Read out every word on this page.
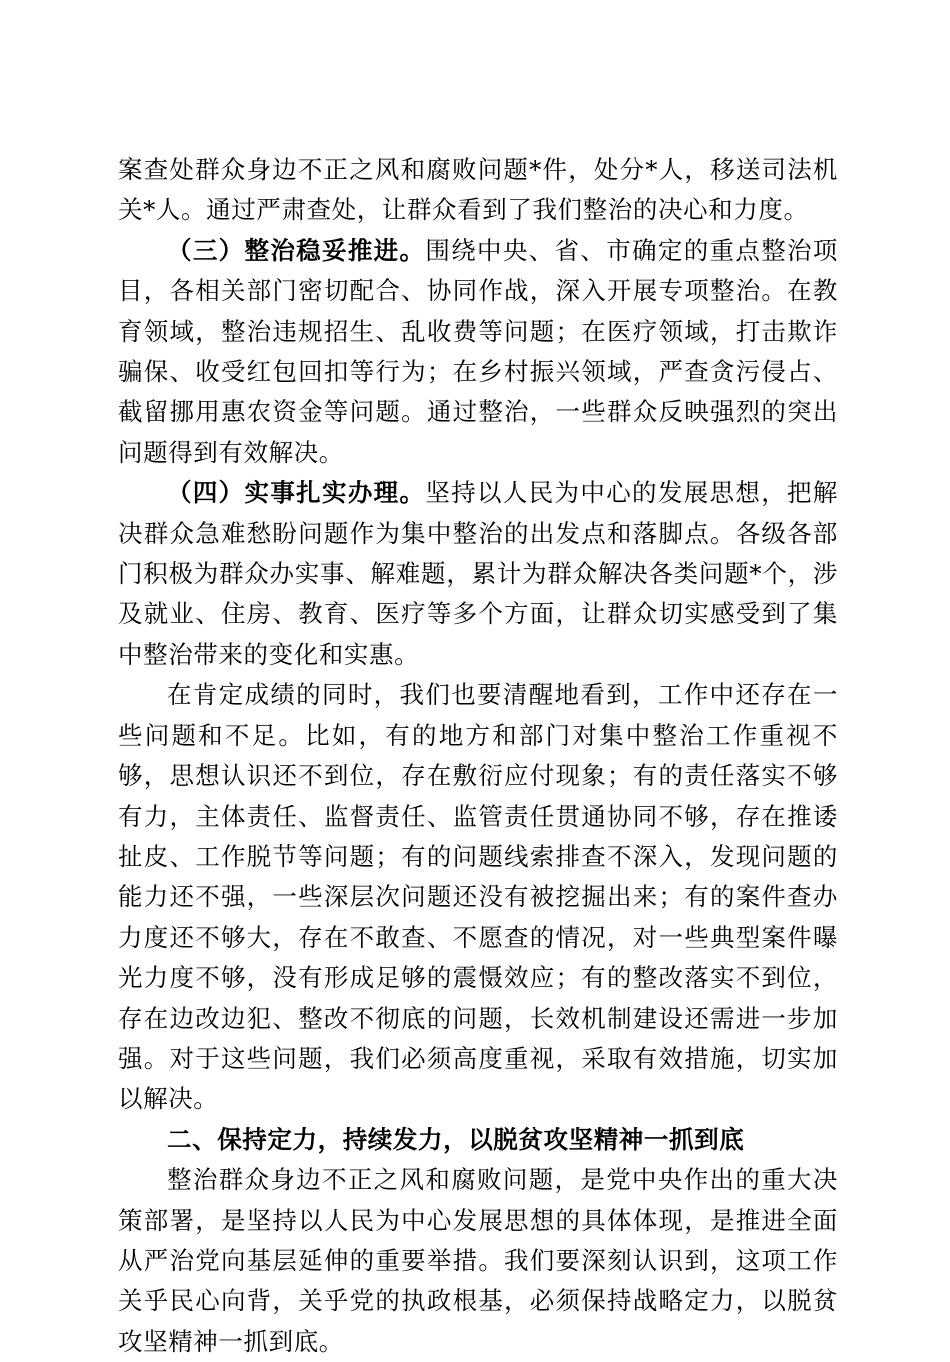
案查处群众身边不正之风和腐败问题*件，处分*人，移送司法机关*人。通过严肃查处，让群众看到了我们整治的决心和力度。

（三）整治稳妥推进。围绕中央、省、市确定的重点整治项目，各相关部门密切配合、协同作战，深入开展专项整治。在教育领域，整治违规招生、乱收费等问题；在医疗领域，打击欺诈骗保、收受红包回扣等行为；在乡村振兴领域，严查贪污侵占、截留挪用惠农资金等问题。通过整治，一些群众反映强烈的突出问题得到有效解决。

（四）实事扎实办理。坚持以人民为中心的发展思想，把解决群众急难愁盼问题作为集中整治的出发点和落脚点。各级各部门积极为群众办实事、解难题，累计为群众解决各类问题*个，涉及就业、住房、教育、医疗等多个方面，让群众切实感受到了集中整治带来的变化和实惠。

在肯定成绩的同时，我们也要清醒地看到，工作中还存在一些问题和不足。比如，有的地方和部门对集中整治工作重视不够，思想认识还不到位，存在敷衍应付现象；有的责任落实不够有力，主体责任、监督责任、监管责任贯通协同不够，存在推诿扯皮、工作脱节等问题；有的问题线索排查不深入，发现问题的能力还不强，一些深层次问题还没有被挖掘出来；有的案件查办力度还不够大，存在不敢查、不愿查的情况，对一些典型案件曝光力度不够，没有形成足够的震慑效应；有的整改落实不到位，存在边改边犯、整改不彻底的问题，长效机制建设还需进一步加强。对于这些问题，我们必须高度重视，采取有效措施，切实加以解决。

二、保持定力，持续发力，以脱贫攻坚精神一抓到底

整治群众身边不正之风和腐败问题，是党中央作出的重大决策部署，是坚持以人民为中心发展思想的具体体现，是推进全面从严治党向基层延伸的重要举措。我们要深刻认识到，这项工作关乎民心向背，关乎党的执政根基，必须保持战略定力，以脱贫攻坚精神一抓到底。
